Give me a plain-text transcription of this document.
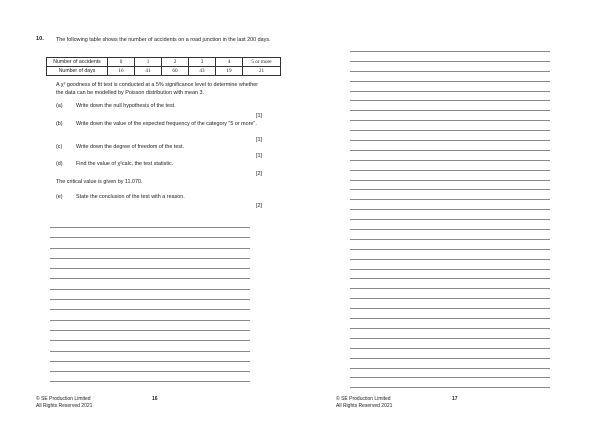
10. The following table shows the number of accidents on a road junction in the last 200 days.
Number of accidents	0	1	2	3	4	5 or more
Number of days	16	41	60	43	19	21
A χ² goodness of fit test is conducted at a 5% significance level to determine whether the data can be modelled by Poisson distribution with mean 3.
(a) Write down the null hypothesis of the test.
[1]
(b) Write down the value of the expected frequency of the category "5 or more".
[1]
(c)	Write down the degree of freedom of the test.
[1]
(d) Find the value of χ²calc, the test statistic.
[2]
The critical value is given by 11.070.
(e) State the conclusion of the test with a reason.
[2]
© SE Production Limited
All Rights Reserved 2021
16	© SE Production Limited
All Rights Reserved 2021
17
